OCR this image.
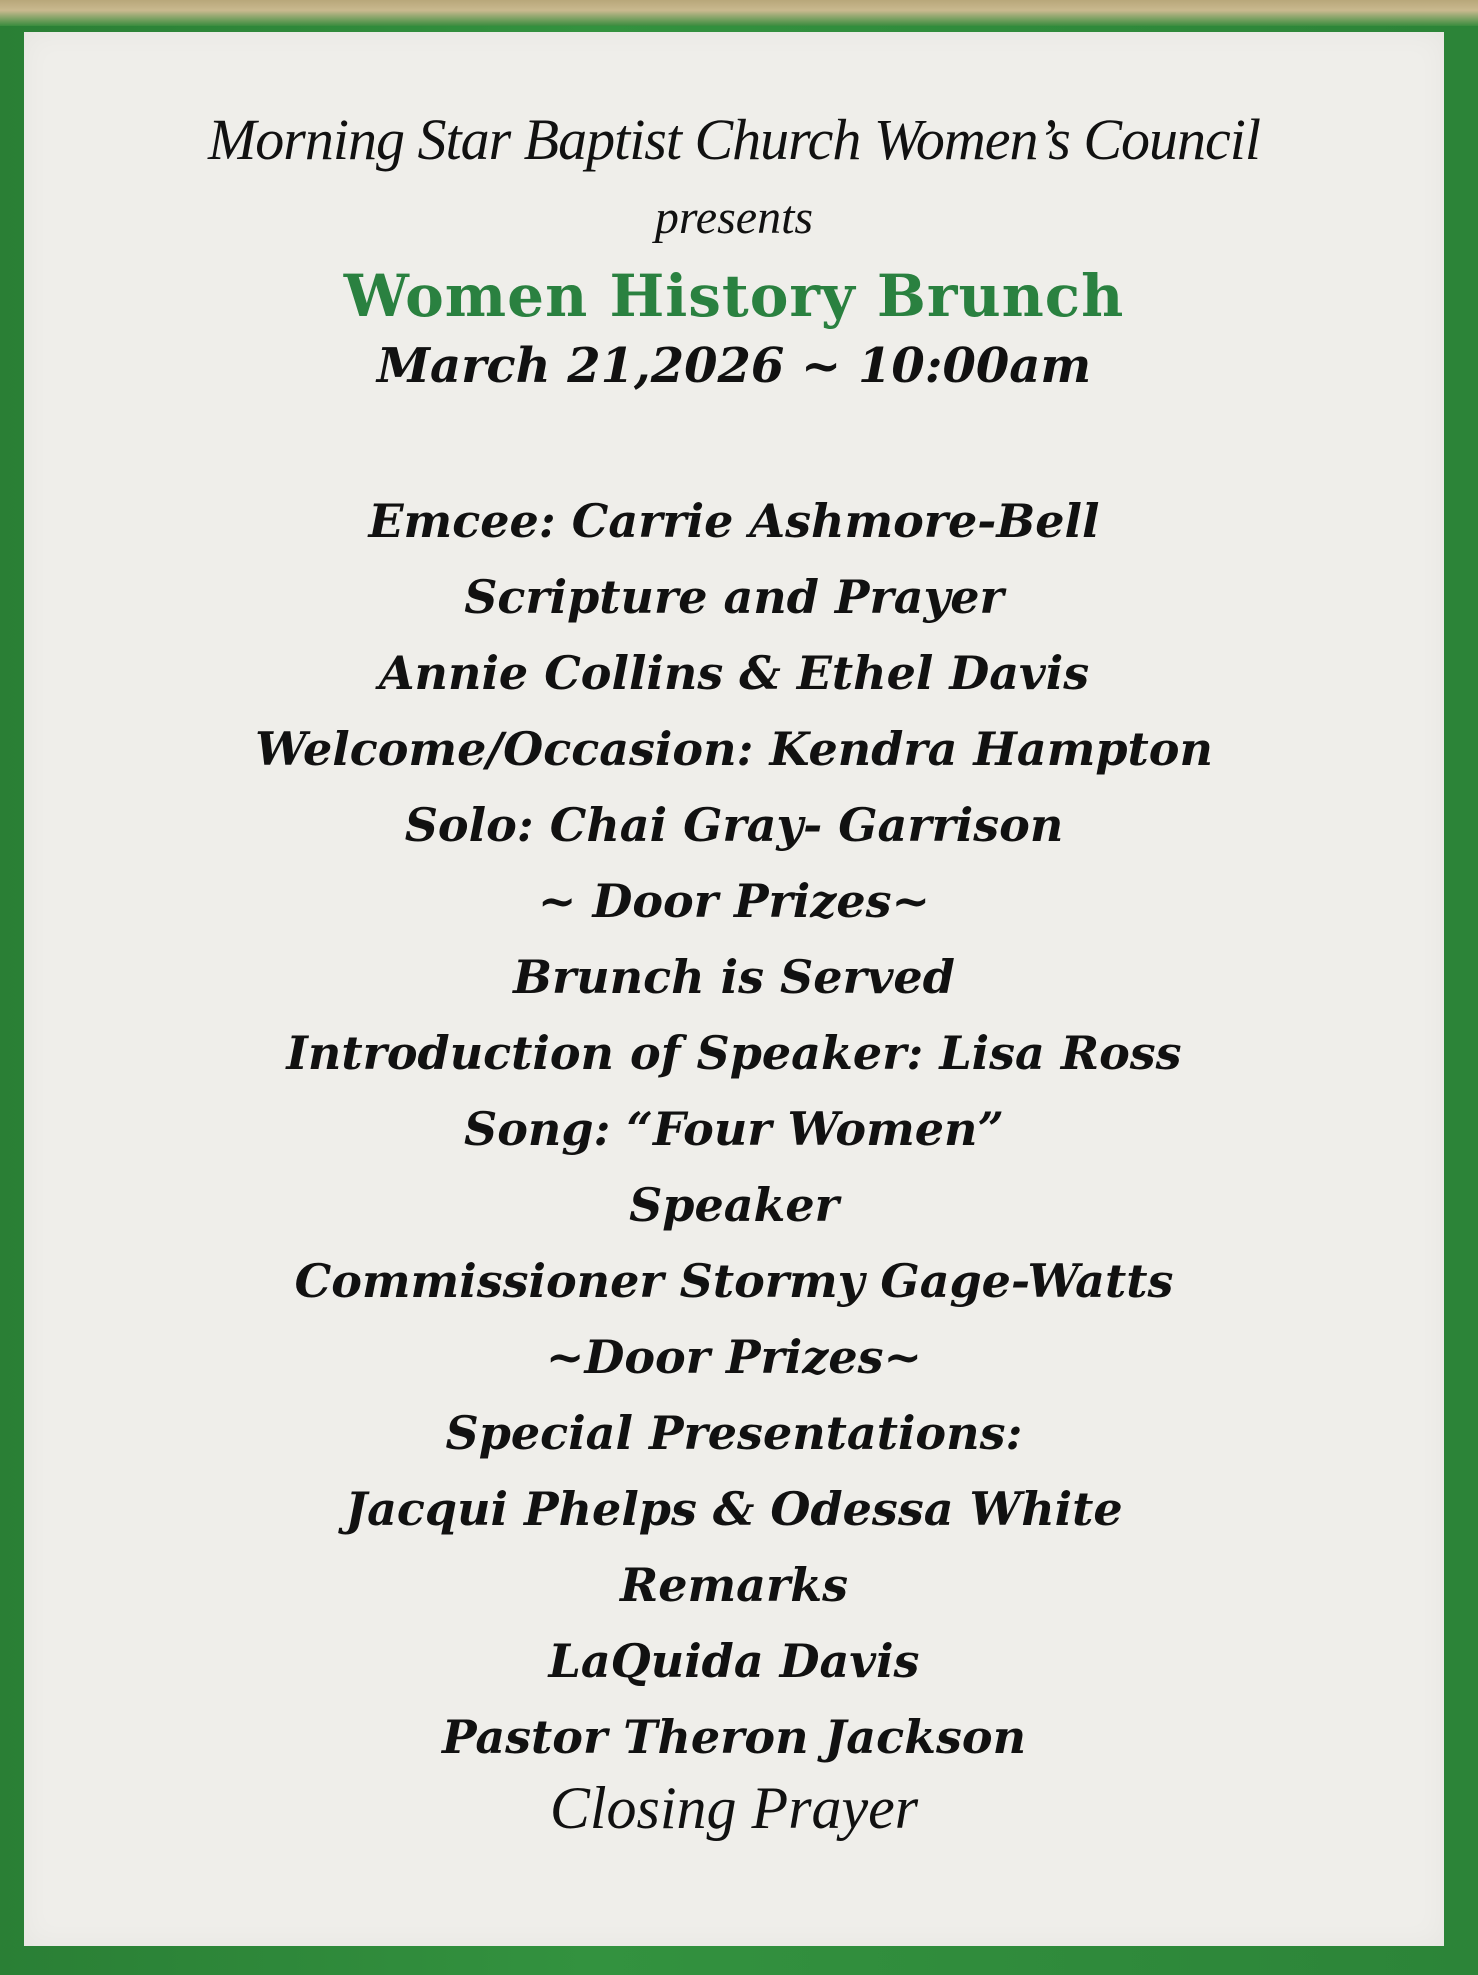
Morning Star Baptist Church Women’s Council
presents
Women History Brunch
March 21,2026 ~ 10:00am
Emcee: Carrie Ashmore-Bell
Scripture and Prayer
Annie Collins & Ethel Davis
Welcome/Occasion: Kendra Hampton
Solo: Chai Gray- Garrison
~ Door Prizes~
Brunch is Served
Introduction of Speaker: Lisa Ross
Song: “Four Women”
Speaker
Commissioner Stormy Gage-Watts
~Door Prizes~
Special Presentations:
Jacqui Phelps & Odessa White
Remarks
LaQuida Davis
Pastor Theron Jackson
Closing Prayer
